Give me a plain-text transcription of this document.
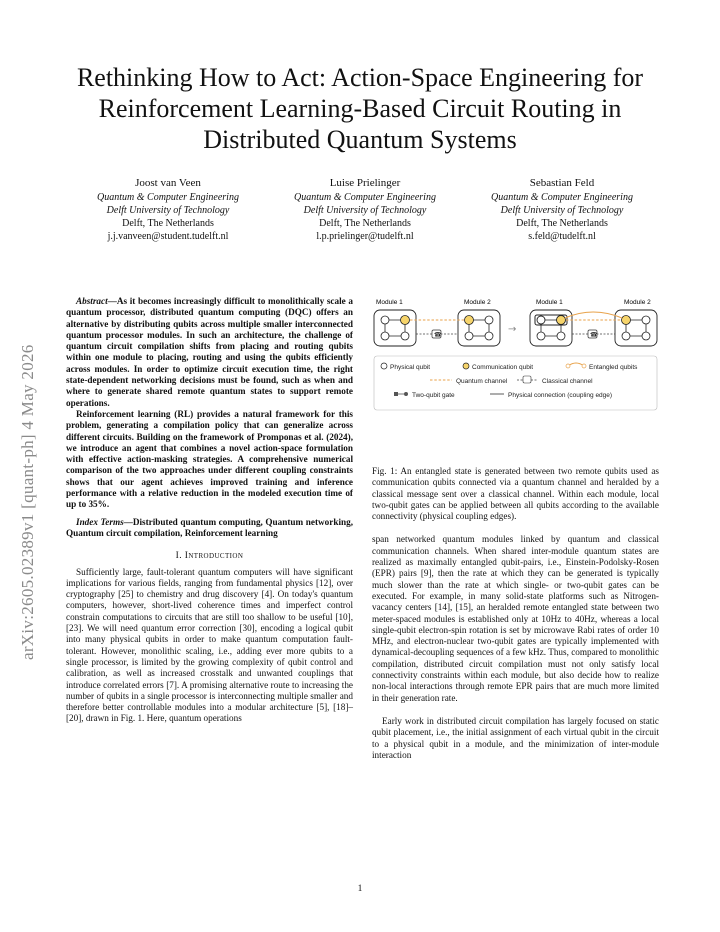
arXiv:2605.02389v1 [quant-ph] 4 May 2026
Rethinking How to Act: Action-Space Engineering for Reinforcement Learning-Based Circuit Routing in Distributed Quantum Systems
Joost van Veen
Quantum & Computer Engineering
Delft University of Technology
Delft, The Netherlands
j.j.vanveen@student.tudelft.nl
Luise Prielinger
Quantum & Computer Engineering
Delft University of Technology
Delft, The Netherlands
l.p.prielinger@tudelft.nl
Sebastian Feld
Quantum & Computer Engineering
Delft University of Technology
Delft, The Netherlands
s.feld@tudelft.nl

Abstract—As it becomes increasingly difficult to monolithically scale a quantum processor, distributed quantum computing (DQC) offers an alternative by distributing qubits across multiple smaller interconnected quantum processor modules. In such an architecture, the challenge of quantum circuit compilation shifts from placing and routing qubits within one module to placing, routing and using the qubits efficiently across modules. In order to optimize circuit execution time, the right state-dependent networking decisions must be found, such as when and where to generate shared remote quantum states to support remote operations.

Reinforcement learning (RL) provides a natural framework for this problem, generating a compilation policy that can generalize across different circuits. Building on the framework of Promponas et al. (2024), we introduce an agent that combines a novel action-space formulation with effective action-masking strategies. A comprehensive numerical comparison of the two approaches under different coupling constraints shows that our agent achieves improved training and inference performance with a relative reduction in the modeled execution time of up to 35%.

Index Terms—Distributed quantum computing, Quantum networking, Quantum circuit compilation, Reinforcement learning

I. Introduction

Sufficiently large, fault-tolerant quantum computers will have significant implications for various fields, ranging from fundamental physics [12], over cryptography [25] to chemistry and drug discovery [4]. On today's quantum computers, however, short-lived coherence times and imperfect control constrain computations to circuits that are still too shallow to be useful [10], [23]. We will need quantum error correction [30], encoding a logical qubit into many physical qubits in order to make quantum computation fault-tolerant. However, monolithic scaling, i.e., adding ever more qubits to a single processor, is limited by the growing complexity of qubit control and calibration, as well as increased crosstalk and unwanted couplings that introduce correlated errors [7]. A promising alternative route to increasing the number of qubits in a single processor is interconnecting multiple smaller and therefore better controllable modules into a modular architecture [5], [18]–[20], drawn in Fig. 1. Here, quantum operations

Module 1	Module 2	Module 1	Module 2
☎	→	☎
Physical qubit	Communication qubit	Entangled qubits
Quantum channel	Classical channel
Two-qubit gate	Physical connection (coupling edge)

Fig. 1: An entangled state is generated between two remote qubits used as communication qubits connected via a quantum channel and heralded by a classical message sent over a classical channel. Within each module, local two-qubit gates can be applied between all qubits according to the available connectivity (physical coupling edges).

span networked quantum modules linked by quantum and classical communication channels. When shared inter-module quantum states are realized as maximally entangled qubit-pairs, i.e., Einstein-Podolsky-Rosen (EPR) pairs [9], then the rate at which they can be generated is typically much slower than the rate at which single- or two-qubit gates can be executed. For example, in many solid-state platforms such as Nitrogen-vacancy centers [14], [15], an heralded remote entangled state between two meter-spaced modules is established only at 10Hz to 40Hz, whereas a local single-qubit electron-spin rotation is set by microwave Rabi rates of order 10 MHz, and electron-nuclear two-qubit gates are typically implemented with dynamical-decoupling sequences of a few kHz. Thus, compared to monolithic compilation, distributed circuit compilation must not only satisfy local connectivity constraints within each module, but also decide how to realize non-local interactions through remote EPR pairs that are much more limited in their generation rate.

Early work in distributed circuit compilation has largely focused on static qubit placement, i.e., the initial assignment of each virtual qubit in the circuit to a physical qubit in a module, and the minimization of inter-module interaction

1
